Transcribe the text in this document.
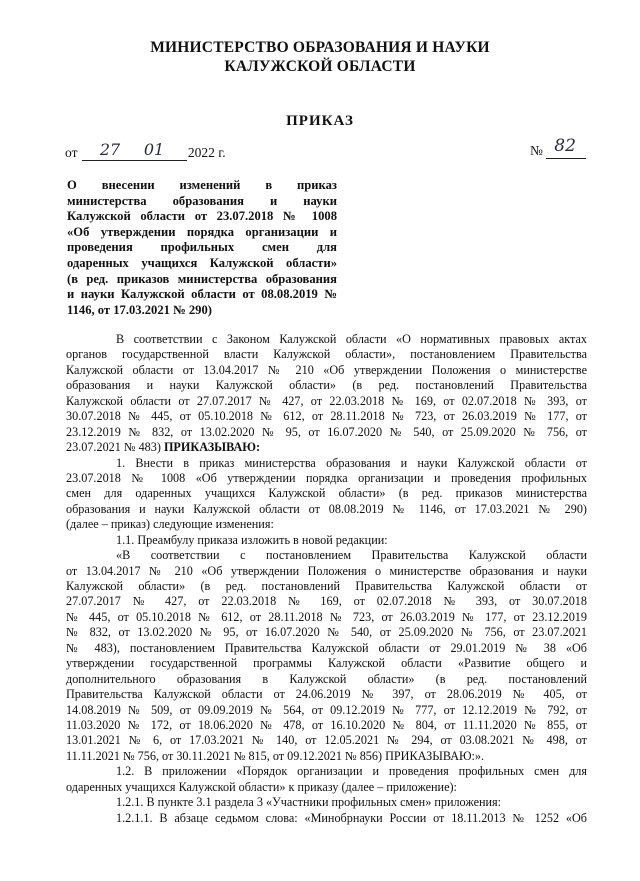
МИНИСТЕРСТВО ОБРАЗОВАНИЯ И НАУКИ
КАЛУЖСКОЙ ОБЛАСТИ
ПРИКАЗ
от 27 01 2022 г.	№ 82
О внесении изменений в приказ
министерства образования и науки
Калужской области от 23.07.2018 № 1008
«Об утверждении порядка организации и
проведения профильных смен для
одаренных учащихся Калужской области»
(в ред. приказов министерства образования
и науки Калужской области от 08.08.2019 №
1146, от 17.03.2021 № 290)
В соответствии с Законом Калужской области «О нормативных правовых актах
органов государственной власти Калужской области», постановлением Правительства
Калужской области от 13.04.2017 № 210 «Об утверждении Положения о министерстве
образования и науки Калужской области» (в ред. постановлений Правительства
Калужской области от 27.07.2017 № 427, от 22.03.2018 № 169, от 02.07.2018 № 393, от
30.07.2018 № 445, от 05.10.2018 № 612, от 28.11.2018 № 723, от 26.03.2019 № 177, от
23.12.2019 № 832, от 13.02.2020 № 95, от 16.07.2020 № 540, от 25.09.2020 № 756, от
23.07.2021 № 483) ПРИКАЗЫВАЮ:
1. Внести в приказ министерства образования и науки Калужской области от
23.07.2018 № 1008 «Об утверждении порядка организации и проведения профильных
смен для одаренных учащихся Калужской области» (в ред. приказов министерства
образования и науки Калужской области от 08.08.2019 № 1146, от 17.03.2021 № 290)
(далее – приказ) следующие изменения:
1.1. Преамбулу приказа изложить в новой редакции:
«В соответствии с постановлением Правительства Калужской области
от 13.04.2017 № 210 «Об утверждении Положения о министерстве образования и науки
Калужской области» (в ред. постановлений Правительства Калужской области от
27.07.2017 № 427, от 22.03.2018 № 169, от 02.07.2018 № 393, от 30.07.2018
№ 445, от 05.10.2018 № 612, от 28.11.2018 № 723, от 26.03.2019 № 177, от 23.12.2019
№ 832, от 13.02.2020 № 95, от 16.07.2020 № 540, от 25.09.2020 № 756, от 23.07.2021
№ 483), постановлением Правительства Калужской области от 29.01.2019 № 38 «Об
утверждении государственной программы Калужской области «Развитие общего и
дополнительного образования в Калужской области» (в ред. постановлений
Правительства Калужской области от 24.06.2019 № 397, от 28.06.2019 № 405, от
14.08.2019 № 509, от 09.09.2019 № 564, от 09.12.2019 № 777, от 12.12.2019 № 792, от
11.03.2020 № 172, от 18.06.2020 № 478, от 16.10.2020 № 804, от 11.11.2020 № 855, от
13.01.2021 № 6, от 17.03.2021 № 140, от 12.05.2021 № 294, от 03.08.2021 № 498, от
11.11.2021 № 756, от 30.11.2021 № 815, от 09.12.2021 № 856) ПРИКАЗЫВАЮ:».
1.2. В приложении «Порядок организации и проведения профильных смен для
одаренных учащихся Калужской области» к приказу (далее – приложение):
1.2.1. В пункте 3.1 раздела 3 «Участники профильных смен» приложения:
1.2.1.1. В абзаце седьмом слова: «Минобрнауки России от 18.11.2013 № 1252 «Об
